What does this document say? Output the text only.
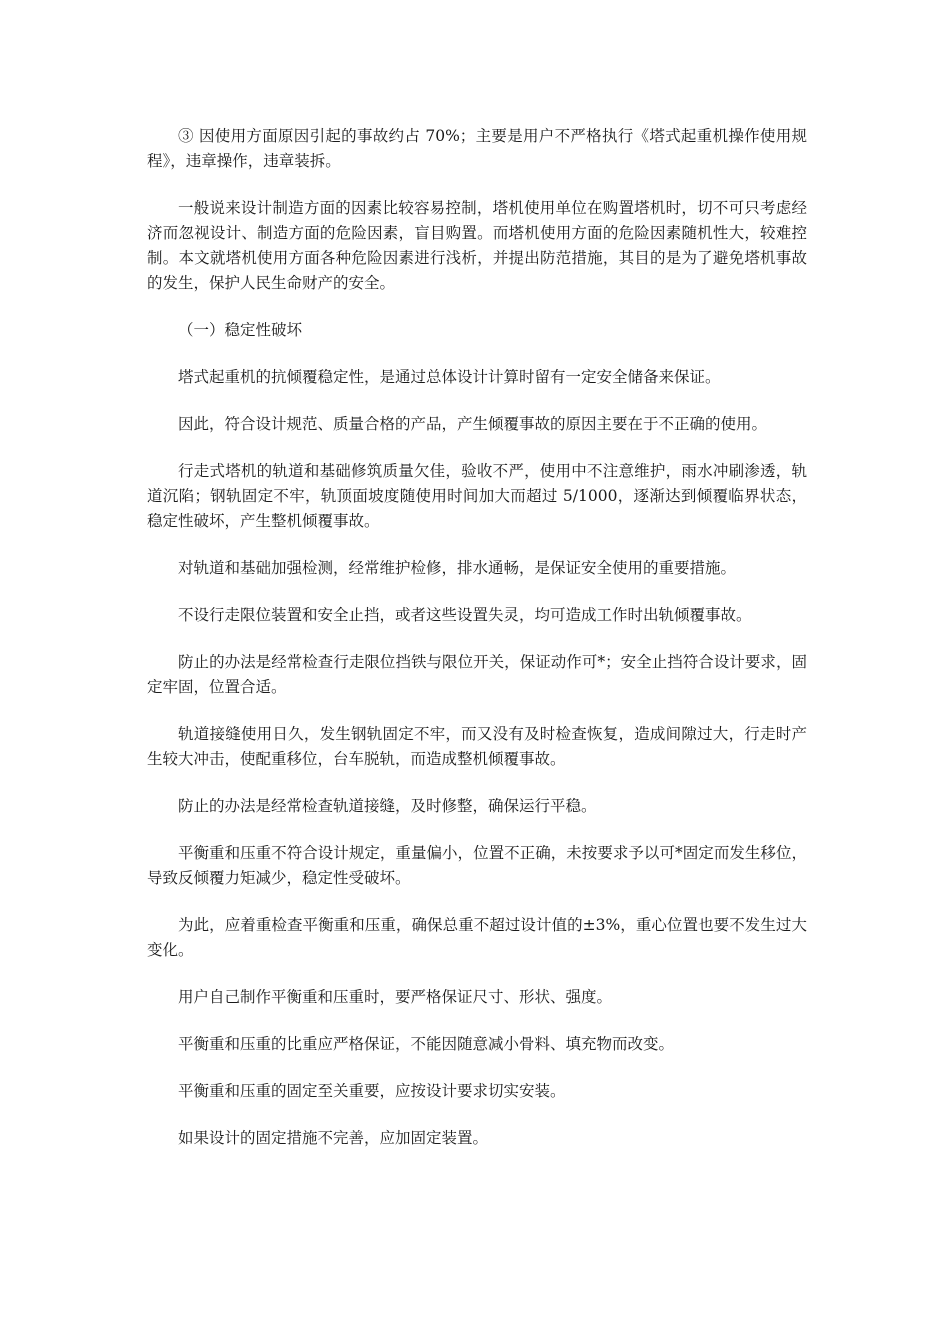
③ 因使用方面原因引起的事故约占 70%；主要是用户不严格执行《塔式起重机操作使用规程》，违章操作，违章装拆。

一般说来设计制造方面的因素比较容易控制，塔机使用单位在购置塔机时，切不可只考虑经济而忽视设计、制造方面的危险因素，盲目购置。而塔机使用方面的危险因素随机性大，较难控制。本文就塔机使用方面各种危险因素进行浅析，并提出防范措施，其目的是为了避免塔机事故的发生，保护人民生命财产的安全。

（一）稳定性破坏

塔式起重机的抗倾覆稳定性，是通过总体设计计算时留有一定安全储备来保证。

因此，符合设计规范、质量合格的产品，产生倾覆事故的原因主要在于不正确的使用。

行走式塔机的轨道和基础修筑质量欠佳，验收不严，使用中不注意维护，雨水冲刷渗透，轨道沉陷；钢轨固定不牢，轨顶面坡度随使用时间加大而超过 5/1000，逐渐达到倾覆临界状态，稳定性破坏，产生整机倾覆事故。

对轨道和基础加强检测，经常维护检修，排水通畅，是保证安全使用的重要措施。

不设行走限位装置和安全止挡，或者这些设置失灵，均可造成工作时出轨倾覆事故。

防止的办法是经常检查行走限位挡铁与限位开关，保证动作可*；安全止挡符合设计要求，固定牢固，位置合适。

轨道接缝使用日久，发生钢轨固定不牢，而又没有及时检查恢复，造成间隙过大，行走时产生较大冲击，使配重移位，台车脱轨，而造成整机倾覆事故。

防止的办法是经常检查轨道接缝，及时修整，确保运行平稳。

平衡重和压重不符合设计规定，重量偏小，位置不正确，未按要求予以可*固定而发生移位，导致反倾覆力矩减少，稳定性受破坏。

为此，应着重检查平衡重和压重，确保总重不超过设计值的±3%，重心位置也要不发生过大变化。

用户自己制作平衡重和压重时，要严格保证尺寸、形状、强度。

平衡重和压重的比重应严格保证，不能因随意减小骨料、填充物而改变。

平衡重和压重的固定至关重要，应按设计要求切实安装。

如果设计的固定措施不完善，应加固定装置。
